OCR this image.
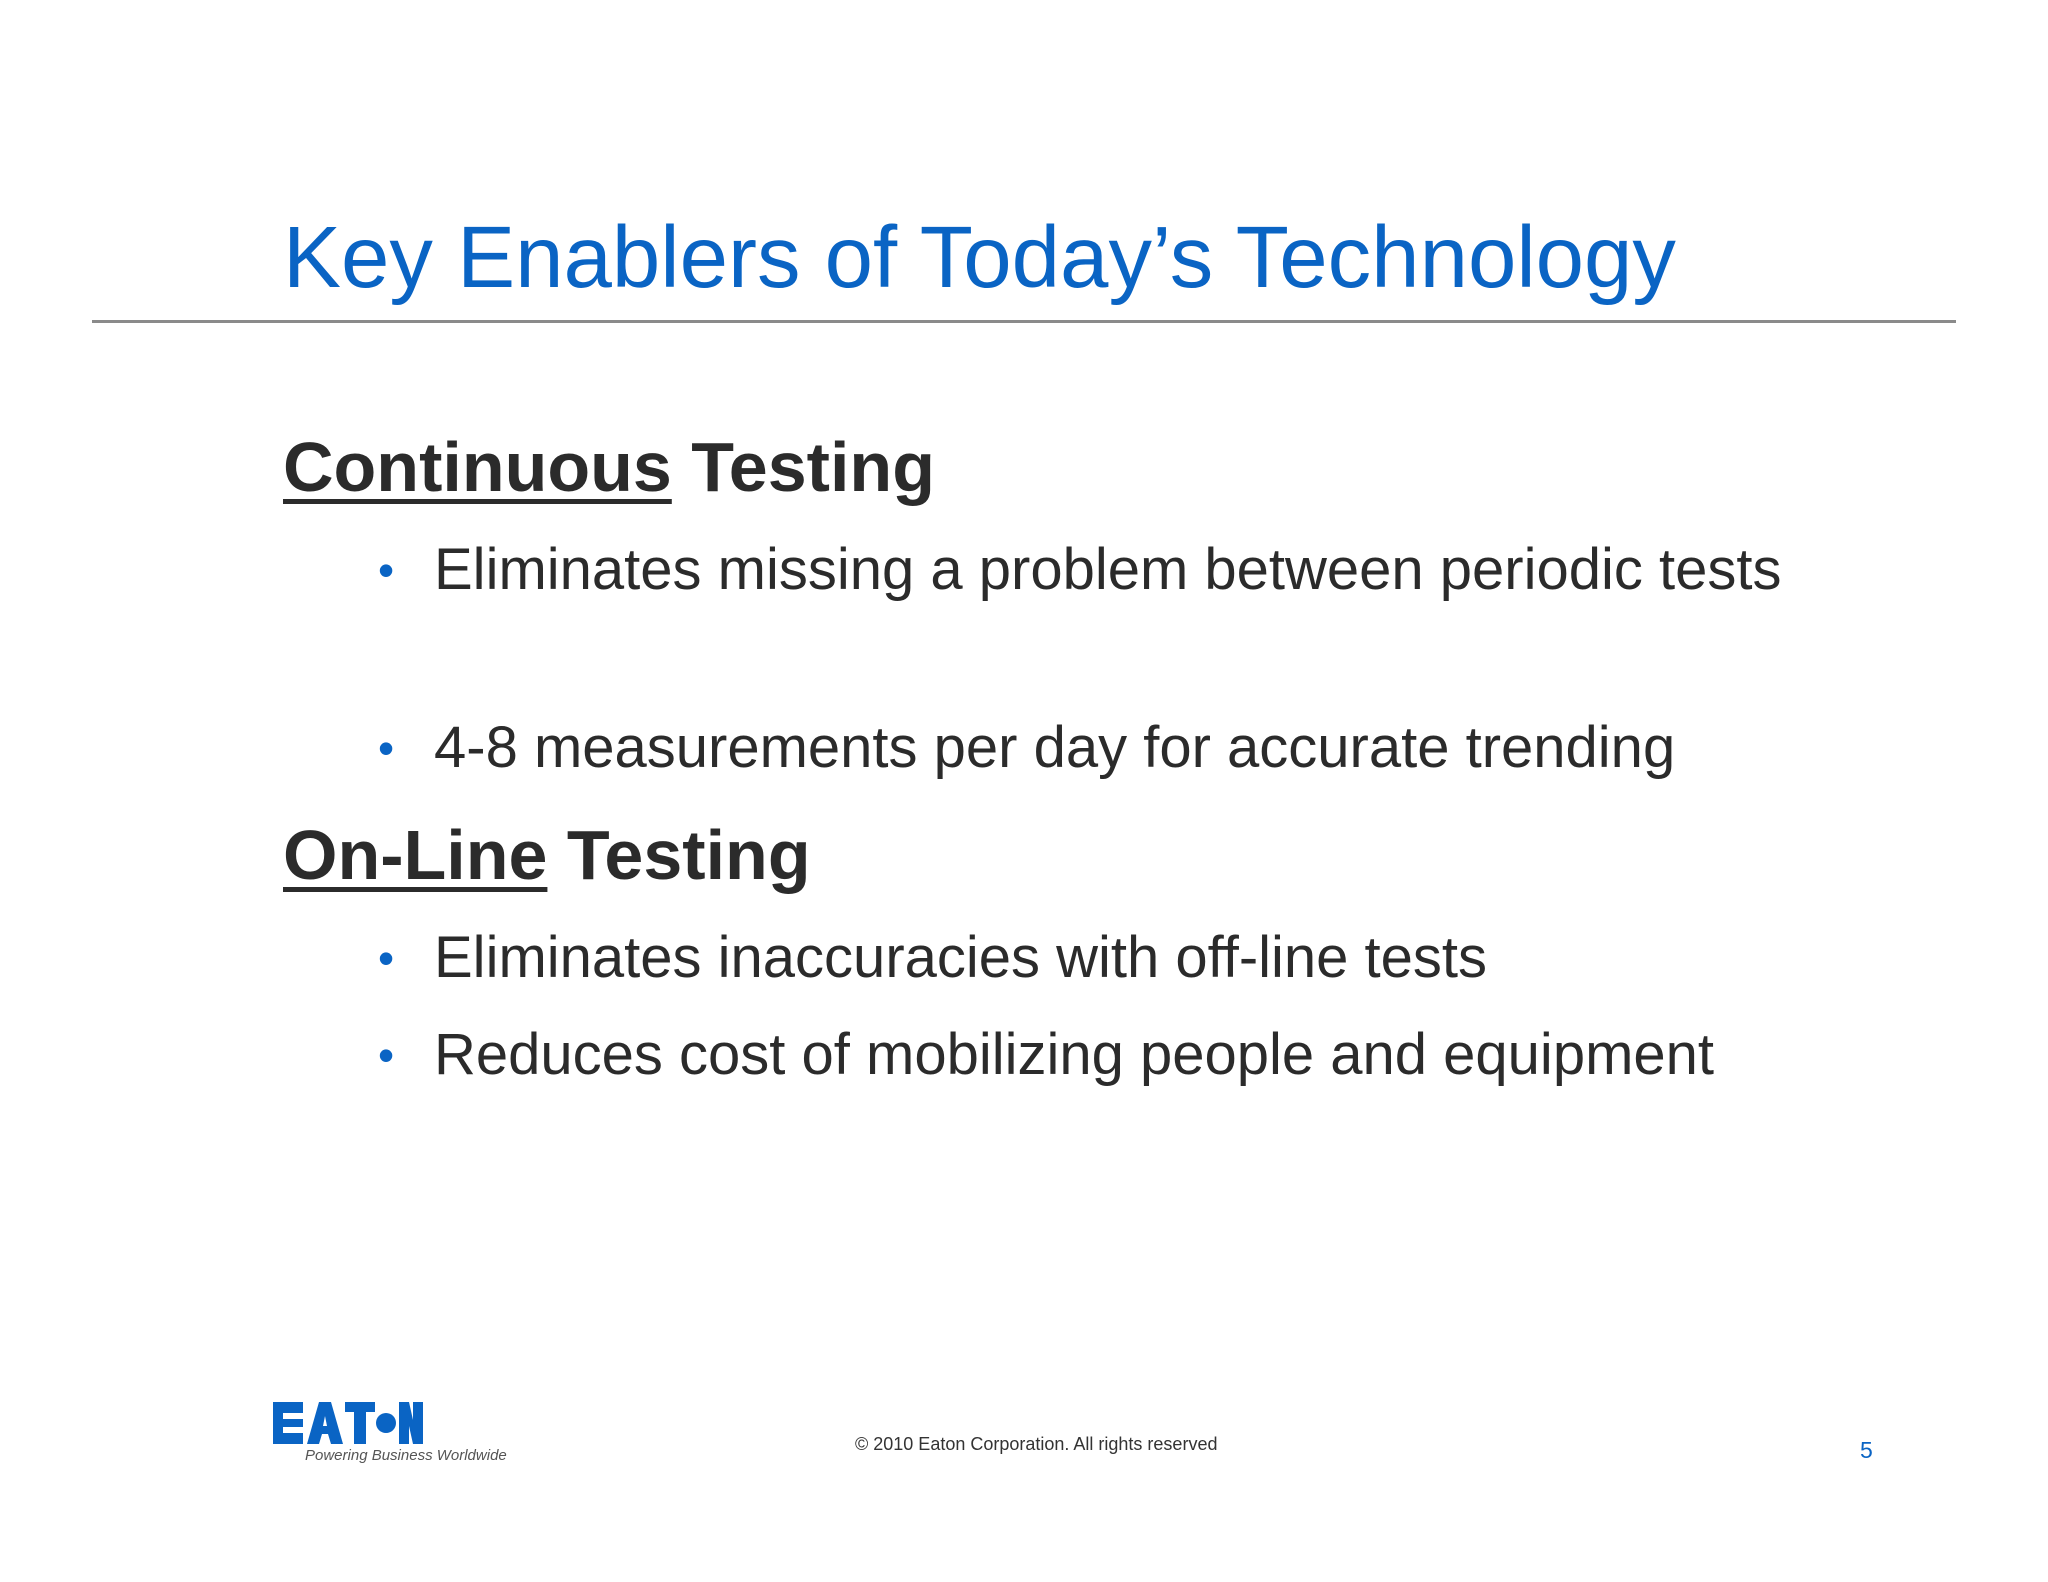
Key Enablers of Today’s Technology
Continuous Testing
• Eliminates missing a problem between periodic tests
• 4-8 measurements per day for accurate trending
On-Line Testing
• Eliminates inaccuracies with off-line tests
• Reduces cost of mobilizing people and equipment
Powering Business Worldwide
© 2010 Eaton Corporation. All rights reserved	5
